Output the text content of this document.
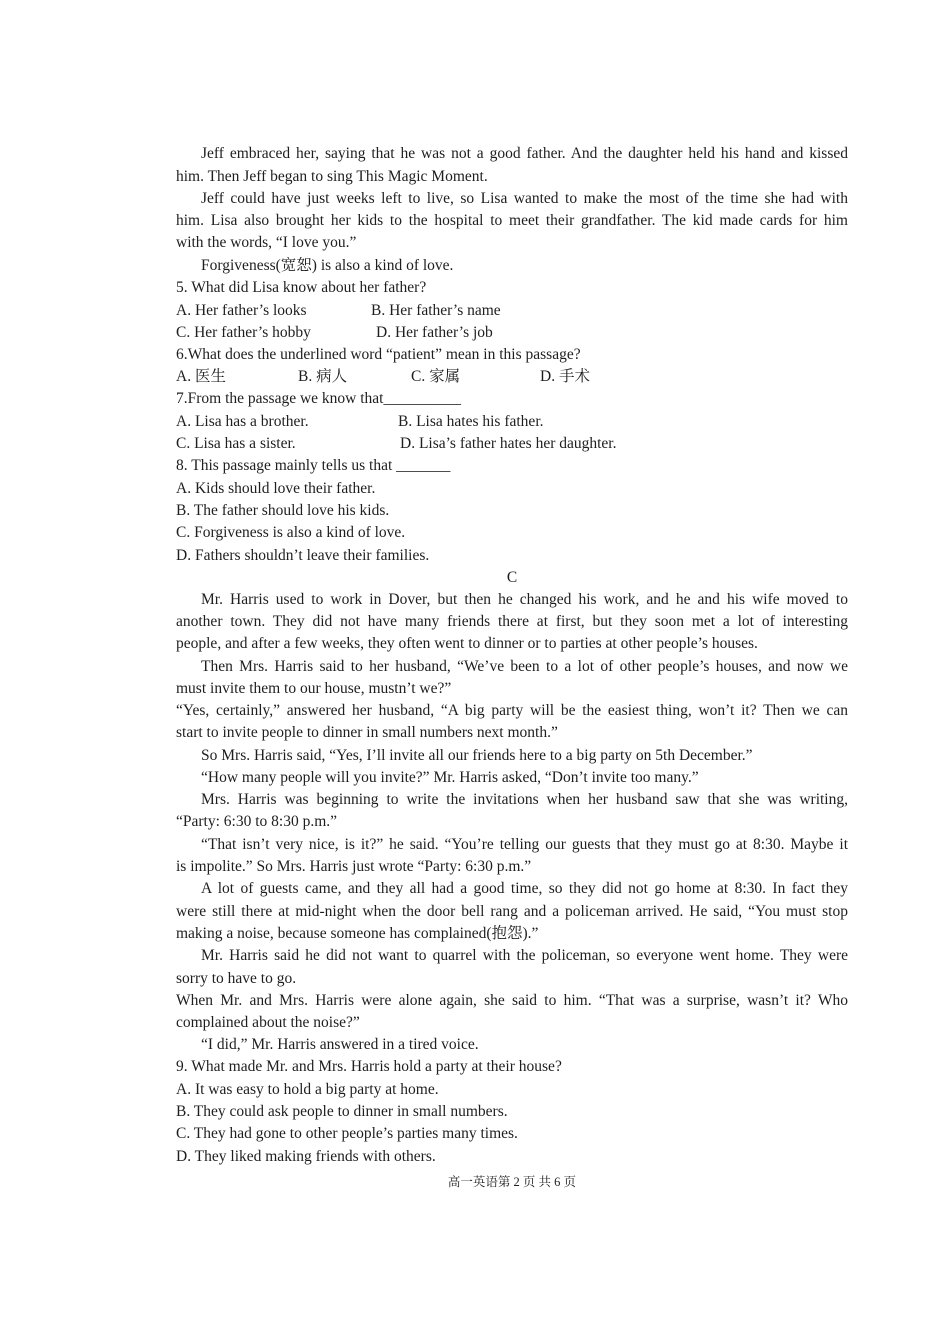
Jeff embraced her, saying that he was not a good father. And the daughter held his hand and kissed
him. Then Jeff began to sing This Magic Moment.
Jeff could have just weeks left to live, so Lisa wanted to make the most of the time she had with
him. Lisa also brought her kids to the hospital to meet their grandfather. The kid made cards for him
with the words, “I love you.”
Forgiveness(宽恕) is also a kind of love.
5. What did Lisa know about her father?
A. Her father’s looks	B. Her father’s name
C. Her father’s hobby	D. Her father’s job
6.What does the underlined word “patient” mean in this passage?
A. 医生	B. 病人	C. 家属	D. 手术
7.From the passage we know that__________
A. Lisa has a brother.	B. Lisa hates his father.
C. Lisa has a sister.	D. Lisa’s father hates her daughter.
8. This passage mainly tells us that _______
A. Kids should love their father.
B. The father should love his kids.
C. Forgiveness is also a kind of love.
D. Fathers shouldn’t leave their families.
C
Mr. Harris used to work in Dover, but then he changed his work, and he and his wife moved to
another town. They did not have many friends there at first, but they soon met a lot of interesting
people, and after a few weeks, they often went to dinner or to parties at other people’s houses.
Then Mrs. Harris said to her husband, “We’ve been to a lot of other people’s houses, and now we
must invite them to our house, mustn’t we?”
“Yes, certainly,” answered her husband, “A big party will be the easiest thing, won’t it? Then we can
start to invite people to dinner in small numbers next month.”
So Mrs. Harris said, “Yes, I’ll invite all our friends here to a big party on 5th December.”
“How many people will you invite?” Mr. Harris asked, “Don’t invite too many.”
Mrs. Harris was beginning to write the invitations when her husband saw that she was writing,
“Party: 6:30 to 8:30 p.m.”
“That isn’t very nice, is it?” he said. “You’re telling our guests that they must go at 8:30. Maybe it
is impolite.” So Mrs. Harris just wrote “Party: 6:30 p.m.”
A lot of guests came, and they all had a good time, so they did not go home at 8:30. In fact they
were still there at mid-night when the door bell rang and a policeman arrived. He said, “You must stop
making a noise, because someone has complained(抱怨).”
Mr. Harris said he did not want to quarrel with the policeman, so everyone went home. They were
sorry to have to go.
When Mr. and Mrs. Harris were alone again, she said to him. “That was a surprise, wasn’t it? Who
complained about the noise?”
“I did,” Mr. Harris answered in a tired voice.
9. What made Mr. and Mrs. Harris hold a party at their house?
A. It was easy to hold a big party at home.
B. They could ask people to dinner in small numbers.
C. They had gone to other people’s parties many times.
D. They liked making friends with others.
高一英语第 2 页 共 6 页
